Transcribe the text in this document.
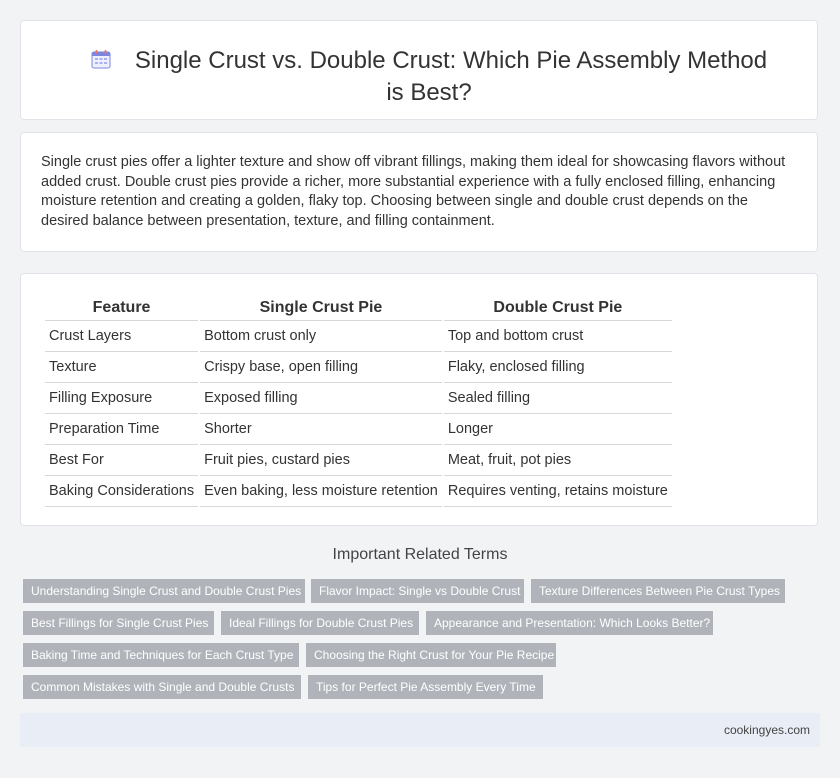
Single Crust vs. Double Crust: Which Pie Assembly Method is Best?

Single crust pies offer a lighter texture and show off vibrant fillings, making them ideal for showcasing flavors without added crust. Double crust pies provide a richer, more substantial experience with a fully enclosed filling, enhancing moisture retention and creating a golden, flaky top. Choosing between single and double crust depends on the desired balance between presentation, texture, and filling containment.

Feature	Single Crust Pie	Double Crust Pie
Crust Layers	Bottom crust only	Top and bottom crust
Texture	Crispy base, open filling	Flaky, enclosed filling
Filling Exposure	Exposed filling	Sealed filling
Preparation Time	Shorter	Longer
Best For	Fruit pies, custard pies	Meat, fruit, pot pies
Baking Considerations	Even baking, less moisture retention	Requires venting, retains moisture
Important Related Terms
Understanding Single Crust and Double Crust Pies	Flavor Impact: Single vs Double Crust	Texture Differences Between Pie Crust Types
Best Fillings for Single Crust Pies	Ideal Fillings for Double Crust Pies	Appearance and Presentation: Which Looks Better?
Baking Time and Techniques for Each Crust Type	Choosing the Right Crust for Your Pie Recipe
Common Mistakes with Single and Double Crusts	Tips for Perfect Pie Assembly Every Time
cookingyes.com
